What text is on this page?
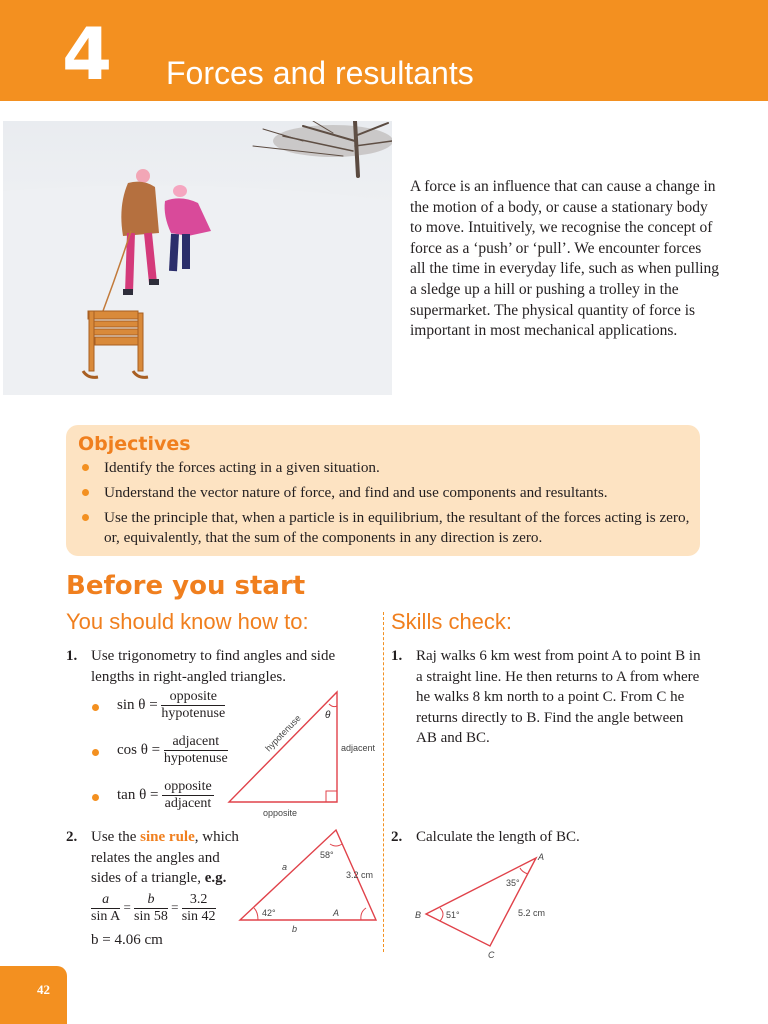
4 Forces and resultants

A force is an influence that can cause a change in the motion of a body, or cause a stationary body to move. Intuitively, we recognise the concept of force as a ‘push’ or ‘pull’. We encounter forces all the time in everyday life, such as when pulling a sledge up a hill or pushing a trolley in the supermarket. The physical quantity of force is important in most mechanical applications.

Objectives
Identify the forces acting in a given situation.
Understand the vector nature of force, and find and use components and resultants.
Use the principle that, when a particle is in equilibrium, the resultant of the forces acting is zero, or, equivalently, that the sum of the components in any direction is zero.
Before you start
You should know how to:	Skills check:
1. Use trigonometry to find angles and side lengths in right-angled triangles.
$\sin \theta = \frac{\text{opposite}}{\text{hypotenuse}}$
$\cos \theta = \frac{\text{adjacent}}{\text{hypotenuse}}$
$\tan \theta = \frac{\text{opposite}}{\text{adjacent}}$
θ
adjacent
opposite
hypotenuse
2. Use the sine rule, which relates the angles and sides of a triangle, e.g.
$\frac{a}{\text{sin A}} = \frac{b}{\sin 58} = \frac{3.2}{\sin 42}$
b = 4.06 cm
58°
3.2 cm
42°	A
a
b
1. Raj walks 6 km west from point A to point B in a straight line. He then returns to A from where he walks 8 km north to a point C. From C he returns directly to B. Find the angle between AB and BC.
2. Calculate the length of BC.
A
B
C
35°
51°	5.2 cm
42
